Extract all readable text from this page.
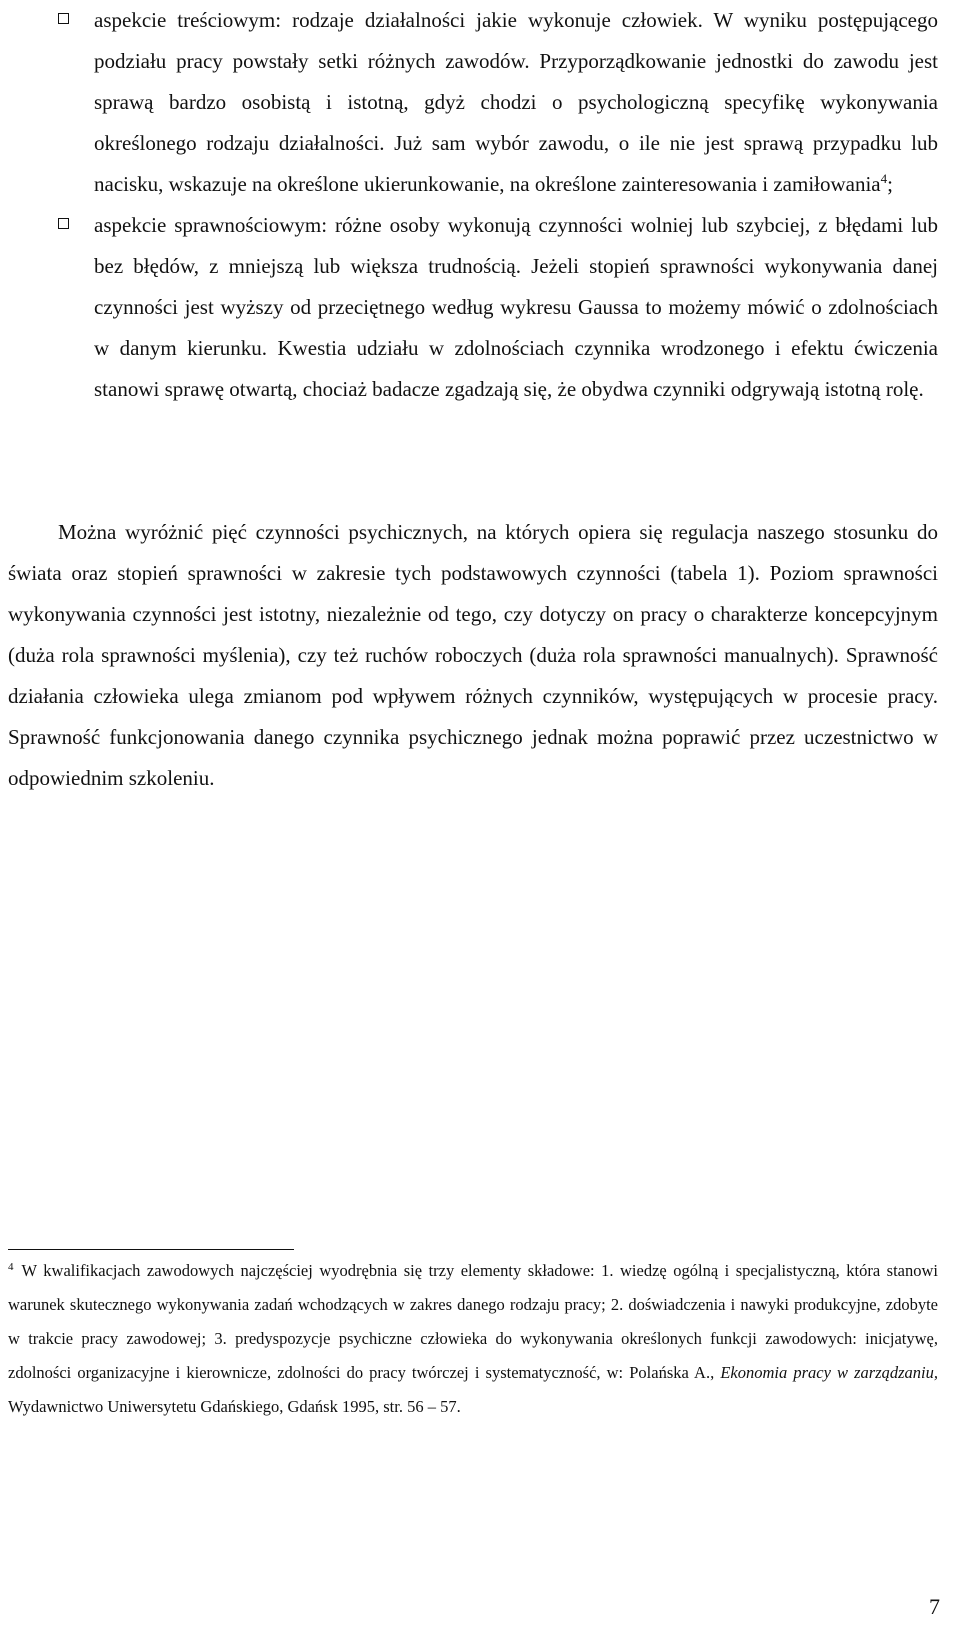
aspekcie treściowym: rodzaje działalności jakie wykonuje człowiek. W wyniku postępującego podziału pracy powstały setki różnych zawodów. Przyporządkowanie jednostki do zawodu jest sprawą bardzo osobistą i istotną, gdyż chodzi o psychologiczną specyfikę wykonywania określonego rodzaju działalności. Już sam wybór zawodu, o ile nie jest sprawą przypadku lub nacisku, wskazuje na określone ukierunkowanie, na określone zainteresowania i zamiłowania$^4$;

aspekcie sprawnościowym: różne osoby wykonują czynności wolniej lub szybciej, z błędami lub bez błędów, z mniejszą lub większa trudnością. Jeżeli stopień sprawności wykonywania danej czynności jest wyższy od przeciętnego według wykresu Gaussa to możemy mówić o zdolnościach w danym kierunku. Kwestia udziału w zdolnościach czynnika wrodzonego i efektu ćwiczenia stanowi sprawę otwartą, chociaż badacze zgadzają się, że obydwa czynniki odgrywają istotną rolę.

Można wyróżnić pięć czynności psychicznych, na których opiera się regulacja naszego stosunku do świata oraz stopień sprawności w zakresie tych podstawowych czynności (tabela 1). Poziom sprawności wykonywania czynności jest istotny, niezależnie od tego, czy dotyczy on pracy o charakterze koncepcyjnym (duża rola sprawności myślenia), czy też ruchów roboczych (duża rola sprawności manualnych). Sprawność działania człowieka ulega zmianom pod wpływem różnych czynników, występujących w procesie pracy. Sprawność funkcjonowania danego czynnika psychicznego jednak można poprawić przez uczestnictwo w odpowiednim szkoleniu.

$^4$ W kwalifikacjach zawodowych najczęściej wyodrębnia się trzy elementy składowe: 1. wiedzę ogólną i specjalistyczną, która stanowi warunek skutecznego wykonywania zadań wchodzących w zakres danego rodzaju pracy; 2. doświadczenia i nawyki produkcyjne, zdobyte w trakcie pracy zawodowej; 3. predyspozycje psychiczne człowieka do wykonywania określonych funkcji zawodowych: inicjatywę, zdolności organizacyjne i kierownicze, zdolności do pracy twórczej i systematyczność, w: Polańska A., Ekonomia pracy w zarządzaniu, Wydawnictwo Uniwersytetu Gdańskiego, Gdańsk 1995, str. 56 – 57.

7
